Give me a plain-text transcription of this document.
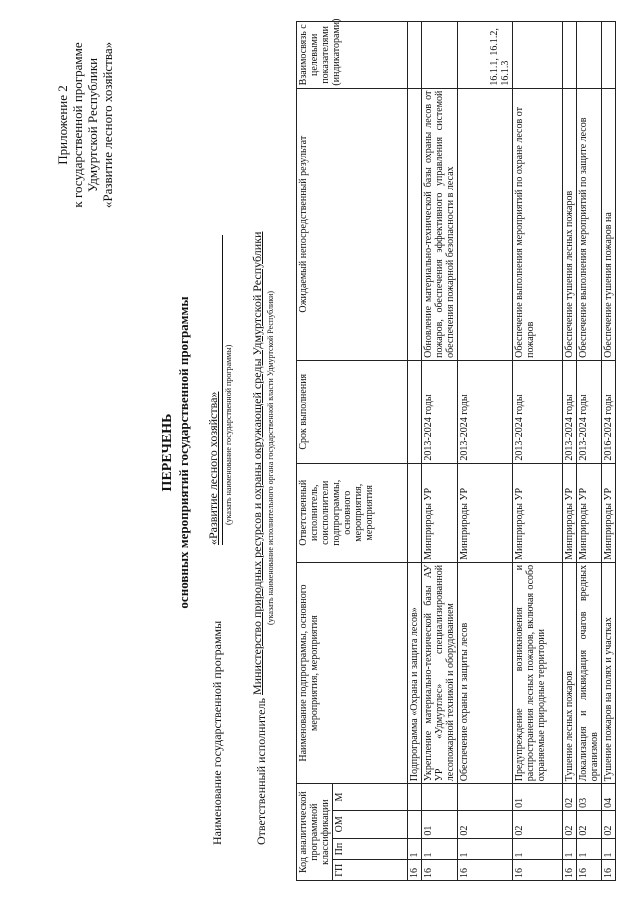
Приложение 2 к государственной программе Удмуртской Республики «Развитие лесного хозяйства»
ПЕРЕЧЕНЬ основных мероприятий государственной программы
Наименование государственной программы
«Развитие лесного хозяйства» (указать наименование государственной программы)
Ответственный исполнитель
Министерство природных ресурсов и охраны окружающей среды Удмуртской Республики (указать наименование исполнительного органа государственной власти Удмуртской Республики)
Код аналитической программной классификации				Наименование подпрограммы, основного мероприятия, мероприятия	Ответственный исполнитель, соисполнители подпрограммы, основного мероприятия, мероприятия	Срок выполнения	Ожидаемый непосредственный результат	Взаимосвязь с целевыми показателями (индикаторами)
ГП	Пп	ОМ	М					
16	1			Подпрограмма «Охрана и защита лесов»				
16	1	01		Укрепление материально-технической базы АУ УР «Удмуртлес» специализированной лесопожарной техникой и оборудованием	Минприроды УР	2013-2024 годы	Обновление материально-технической базы охраны лесов от пожаров, обеспечения эффективного управления системой обеспечения пожарной безопасности в лесах	
16	1	02		Обеспечение охраны и защиты лесов	Минприроды УР	2013-2024 годы		16.1.1, 16.1.2, 16.1.3
16	1	02	01	Предупреждение возникновения и распространения лесных пожаров, включая особо охраняемые природные территории	Минприроды УР	2013-2024 годы	Обеспечение выполнения мероприятий по охране лесов от пожаров	
16	1	02	02	Тушение лесных пожаров	Минприроды УР	2013-2024 годы	Обеспечение тушения лесных пожаров	
16	1	02	03	Локализация и ликвидация очагов вредных организмов	Минприроды УР	2013-2024 годы	Обеспечение выполнения мероприятий по защите лесов	
16	1	02	04	Тушение пожаров на полях и участках	Минприроды УР	2016-2024 годы	Обеспечение тушения пожаров на	
